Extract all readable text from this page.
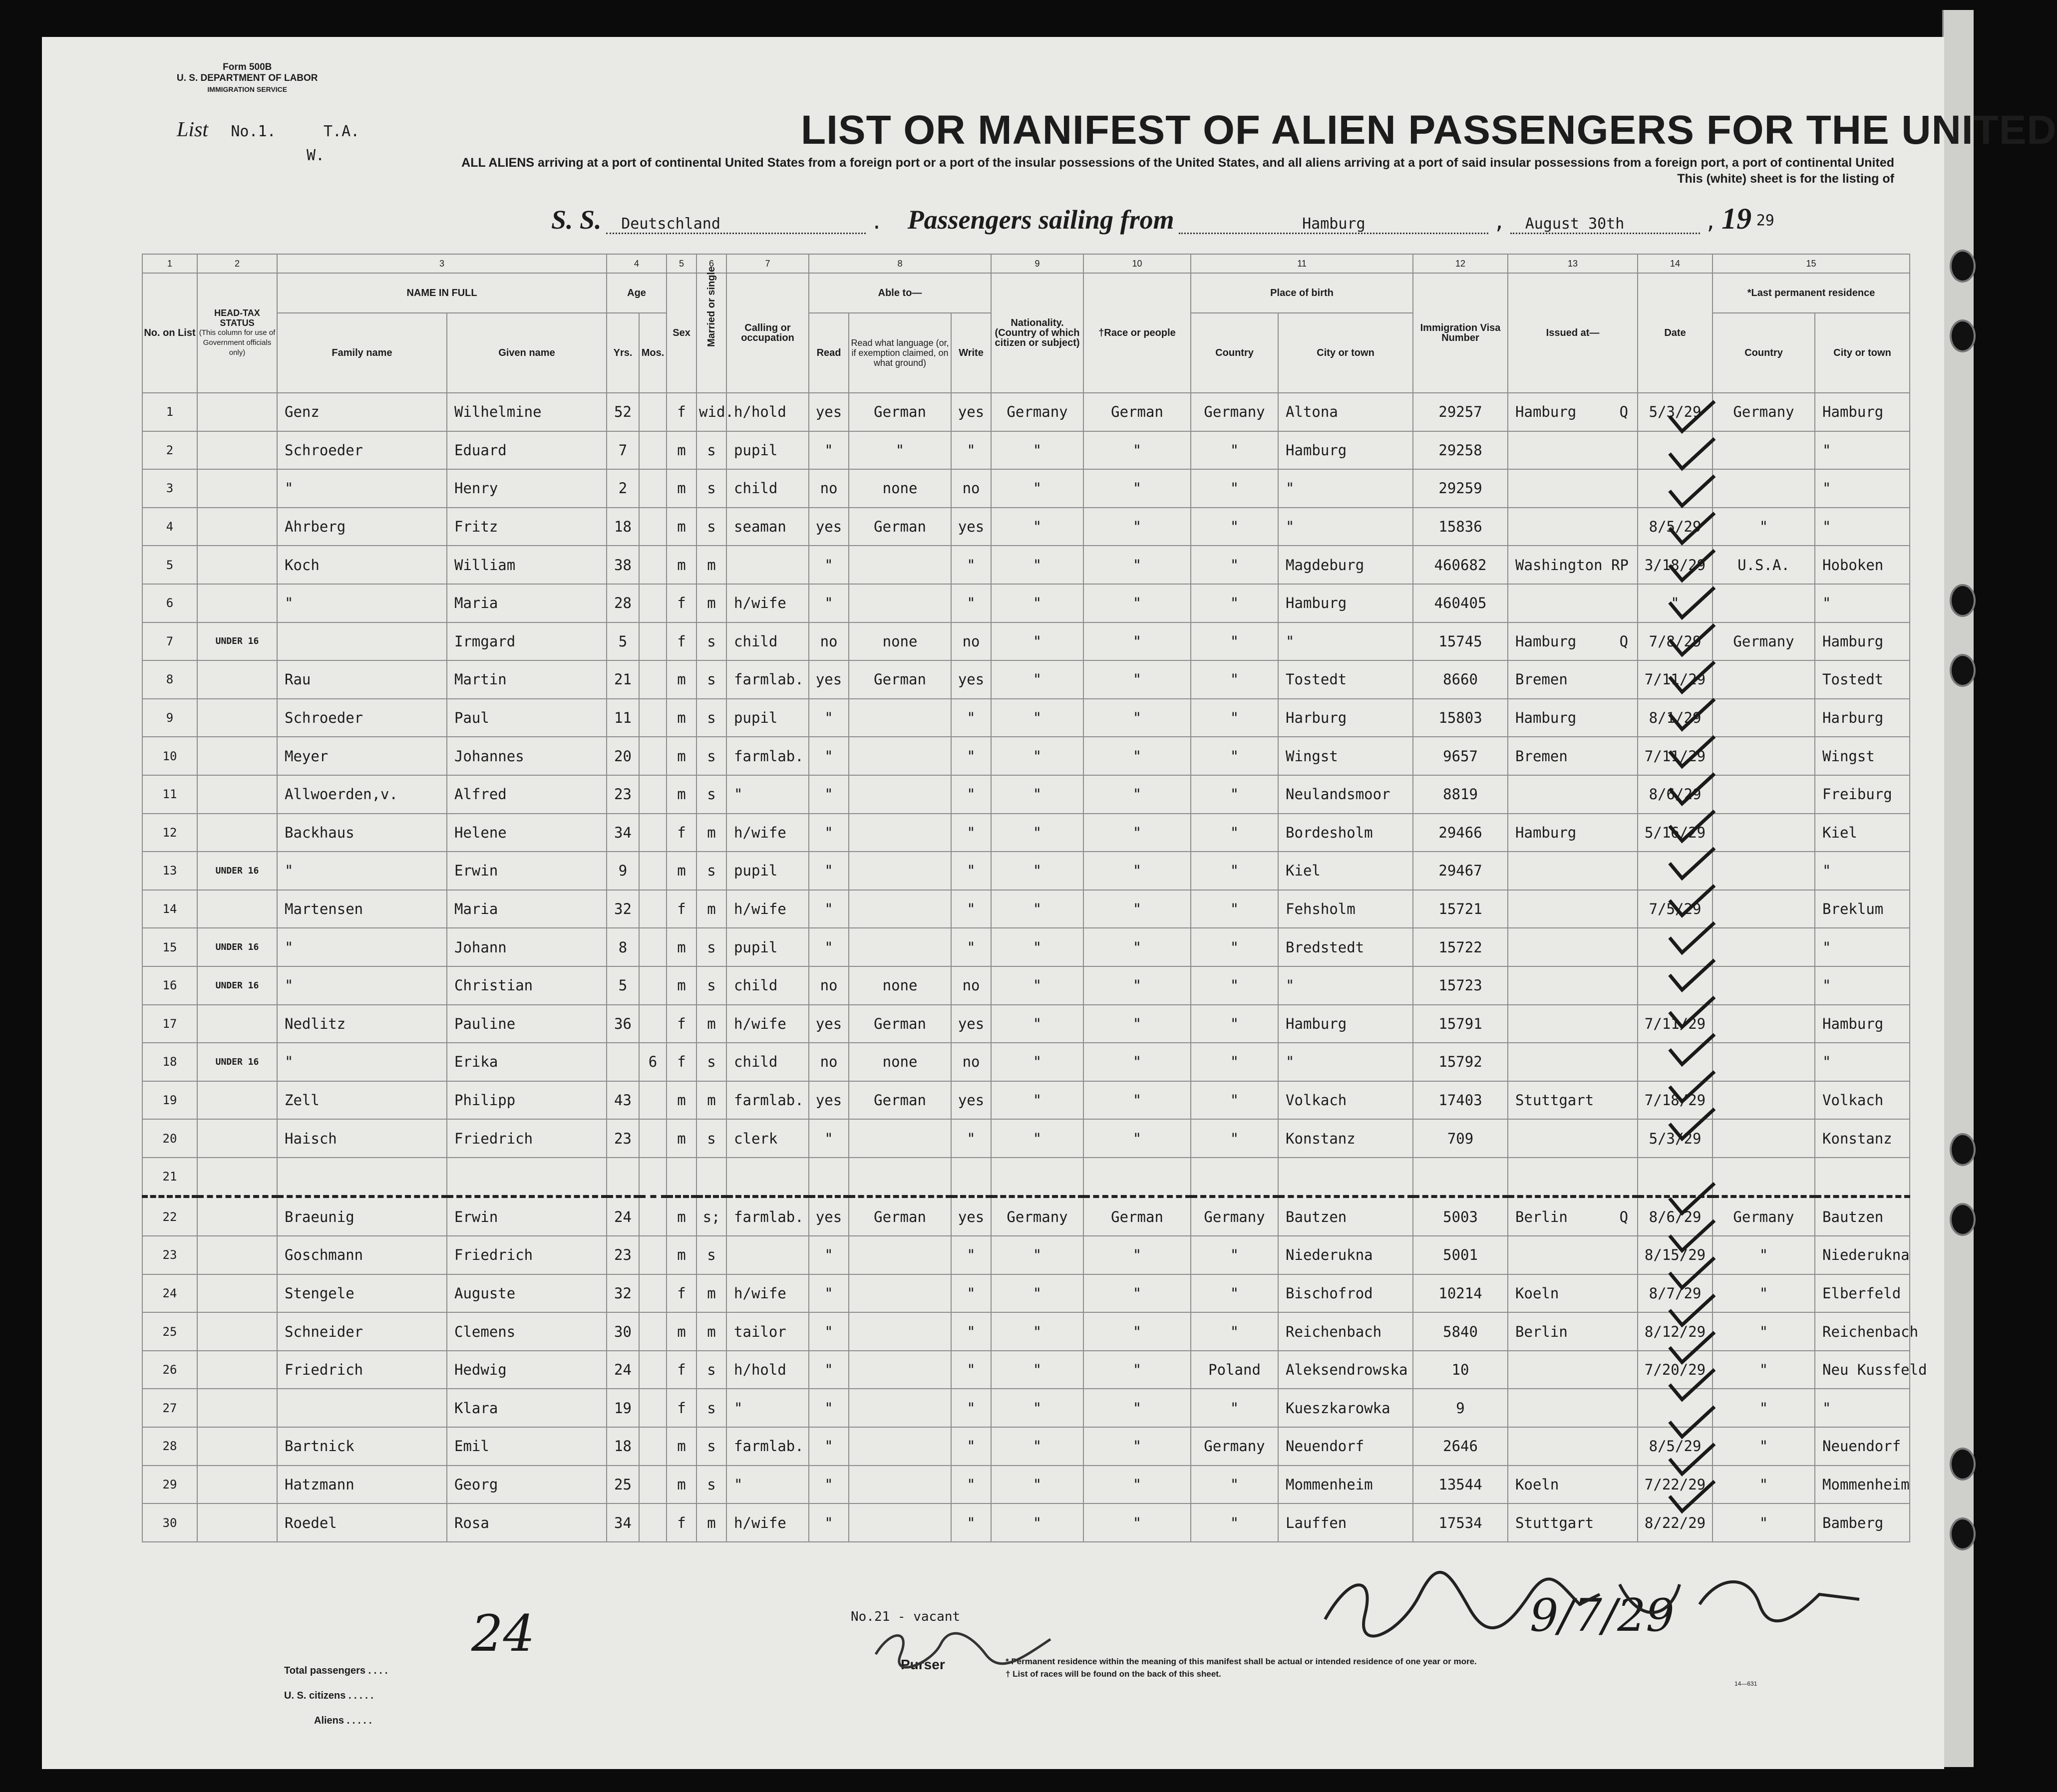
Form 500B
U. S. DEPARTMENT OF LABOR
IMMIGRATION SERVICE
List No.1.	T.A.
W.
LIST OR MANIFEST OF ALIEN PASSENGERS FOR THE UNITED
ALL ALIENS arriving at a port of continental United States from a foreign port or a port of the insular possessions of the United States, and all aliens arriving at a port of said insular possessions from a foreign port, a port of continental United
This (white) sheet is for the listing of
S. S. Deutschland	. Passengers sailing from	Hamburg	, August 30th	, 19 29
1	2	3		4		5	6	7	8			9	10	11		12	13	14	15	
No. on List	HEAD-TAX STATUS
(This column for use of Government officials only)	NAME IN FULL		Age		Sex	Married or single	Calling or occupation	Able to—			Nationality. (Country of which citizen or subject)	†Race or people	Place of birth		Immigration Visa Number	Issued at—	Date	*Last permanent residence	
		Family name	Given name	Yrs.	Mos.				Read	Read what language (or, if exemption claimed, on what ground)	Write			Country	City or town				Country	City or town

1		Genz	Wilhelmine	52		f	wid.	h/hold	yes	German	yes	Germany	German	Germany	Altona	29257	Hamburg Q	5/3/29	Germany	Hamburg
2		Schroeder	Eduard	7		m	s	pupil	"	"	"	"	"	"	Hamburg	29258				"
3		"	Henry	2		m	s	child	no	none	no	"	"	"	"	29259				"
4		Ahrberg	Fritz	18		m	s	seaman	yes	German	yes	"	"	"	"	15836		8/5/29	"	"
5		Koch	William	38		m	m		"		"	"	"	"	Magdeburg	460682	Washington RP	3/18/29	U.S.A.	Hoboken
6		"	Maria	28		f	m	h/wife	"		"	"	"	"	Hamburg	460405		"		"
7	UNDER 16		Irmgard	5		f	s	child	no	none	no	"	"	"	"	15745	Hamburg Q	7/8/29	Germany	Hamburg
8		Rau	Martin	21		m	s	farmlab.	yes	German	yes	"	"	"	Tostedt	8660	Bremen	7/11/29		Tostedt
9		Schroeder	Paul	11		m	s	pupil	"		"	"	"	"	Harburg	15803	Hamburg	8/1/29		Harburg
10		Meyer	Johannes	20		m	s	farmlab.	"		"	"	"	"	Wingst	9657	Bremen	7/11/29		Wingst
11		Allwoerden,v.	Alfred	23		m	s	"	"		"	"	"	"	Neulandsmoor	8819		8/6/29		Freiburg
12		Backhaus	Helene	34		f	m	h/wife	"		"	"	"	"	Bordesholm	29466	Hamburg	5/16/29		Kiel
13	UNDER 16	"	Erwin	9		m	s	pupil	"		"	"	"	"	Kiel	29467				"
14		Martensen	Maria	32		f	m	h/wife	"		"	"	"	"	Fehsholm	15721		7/5/29		Breklum
15	UNDER 16	"	Johann	8		m	s	pupil	"		"	"	"	"	Bredstedt	15722				"
16	UNDER 16	"	Christian	5		m	s	child	no	none	no	"	"	"	"	15723				"
17		Nedlitz	Pauline	36		f	m	h/wife	yes	German	yes	"	"	"	Hamburg	15791		7/11/29		Hamburg
18	UNDER 16	"	Erika		6	f	s	child	no	none	no	"	"	"	"	15792				"
19		Zell	Philipp	43		m	m	farmlab.	yes	German	yes	"	"	"	Volkach	17403	Stuttgart	7/18/29		Volkach
20		Haisch	Friedrich	23		m	s	clerk	"		"	"	"	"	Konstanz	709		5/3/29		Konstanz
21																	

22		Braeunig	Erwin	24		m	s;	farmlab.	yes	German	yes	Germany	German	Germany	Bautzen	5003	Berlin Q	8/6/29	Germany	Bautzen
23		Goschmann	Friedrich	23		m	s		"		"	"	"	"	Niederukna	5001		8/15/29	"	Niederukna
24		Stengele	Auguste	32		f	m	h/wife	"		"	"	"	"	Bischofrod	10214	Koeln	8/7/29	"	Elberfeld
25		Schneider	Clemens	30		m	m	tailor	"		"	"	"	"	Reichenbach	5840	Berlin	8/12/29	"	Reichenbach
26		Friedrich	Hedwig	24		f	s	h/hold	"		"	"	"	Poland	Aleksendrowska	10		7/20/29	"	Neu Kussfeld
27			Klara	19		f	s	"	"		"	"	"	"	Kueszkarowka	9			"	"
28		Bartnick	Emil	18		m	s	farmlab.	"		"	"	"	Germany	Neuendorf	2646		8/5/29	"	Neuendorf
29		Hatzmann	Georg	25		m	s	"	"		"	"	"	"	Mommenheim	13544	Koeln	7/22/29	"	Mommenheim
30		Roedel	Rosa	34		f	m	h/wife	"		"	"	"	"	Lauffen	17534	Stuttgart	8/22/29	"	Bamberg
No.21 - vacant
Purser	* Permanent residence within the meaning of this manifest shall be actual or intended residence of one year or more.
† List of races will be found on the back of this sheet.
14—631
Total passengers . . . .
U. S. citizens . . . . .
Aliens . . . . .
24	9/7/29
